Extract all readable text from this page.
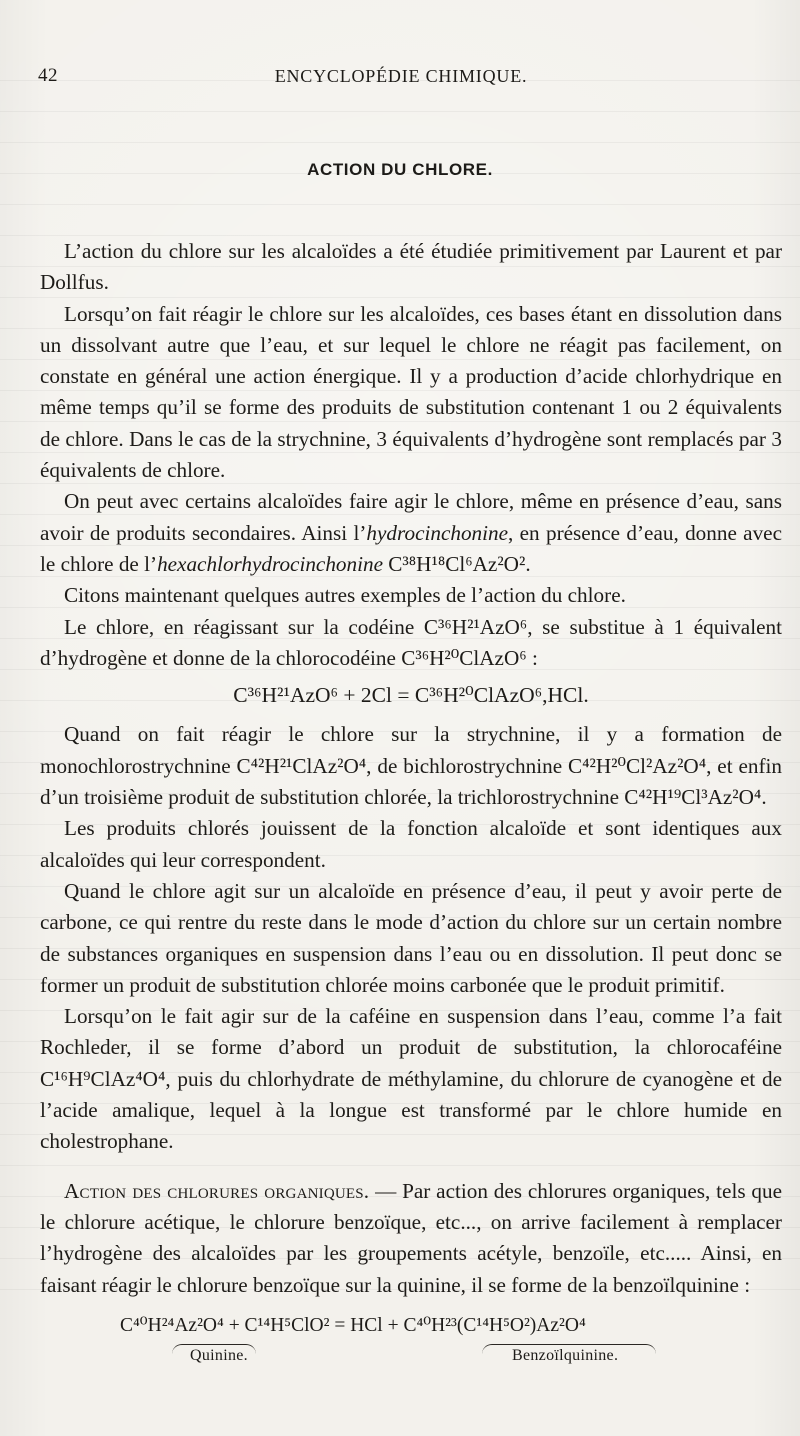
42	ENCYCLOPÉDIE CHIMIQUE.
ACTION DU CHLORE.

L’action du chlore sur les alcaloïdes a été étudiée primitivement par Laurent et par Dollfus.

Lorsqu’on fait réagir le chlore sur les alcaloïdes, ces bases étant en dissolution dans un dissolvant autre que l’eau, et sur lequel le chlore ne réagit pas facilement, on constate en général une action énergique. Il y a production d’acide chlorhydrique en même temps qu’il se forme des produits de substitution contenant 1 ou 2 équivalents de chlore. Dans le cas de la strychnine, 3 équivalents d’hydrogène sont remplacés par 3 équivalents de chlore.

On peut avec certains alcaloïdes faire agir le chlore, même en présence d’eau, sans avoir de produits secondaires. Ainsi l’hydrocinchonine, en présence d’eau, donne avec le chlore de l’hexachlorhydrocinchonine C³⁸H¹⁸Cl⁶Az²O².

Citons maintenant quelques autres exemples de l’action du chlore.

Le chlore, en réagissant sur la codéine C³⁶H²¹AzO⁶, se substitue à 1 équivalent d’hydrogène et donne de la chlorocodéine C³⁶H²⁰ClAzO⁶ :

C³⁶H²¹AzO⁶ + 2Cl = C³⁶H²⁰ClAzO⁶,HCl.

Quand on fait réagir le chlore sur la strychnine, il y a formation de monochlorostrychnine C⁴²H²¹ClAz²O⁴, de bichlorostrychnine C⁴²H²⁰Cl²Az²O⁴, et enfin d’un troisième produit de substitution chlorée, la trichlorostrychnine C⁴²H¹⁹Cl³Az²O⁴.

Les produits chlorés jouissent de la fonction alcaloïde et sont identiques aux alcaloïdes qui leur correspondent.

Quand le chlore agit sur un alcaloïde en présence d’eau, il peut y avoir perte de carbone, ce qui rentre du reste dans le mode d’action du chlore sur un certain nombre de substances organiques en suspension dans l’eau ou en dissolution. Il peut donc se former un produit de substitution chlorée moins carbonée que le produit primitif.

Lorsqu’on le fait agir sur de la caféine en suspension dans l’eau, comme l’a fait Rochleder, il se forme d’abord un produit de substitution, la chlorocaféine C¹⁶H⁹ClAz⁴O⁴, puis du chlorhydrate de méthylamine, du chlorure de cyanogène et de l’acide amalique, lequel à la longue est transformé par le chlore humide en cholestrophane.

Action des chlorures organiques. — Par action des chlorures organiques, tels que le chlorure acétique, le chlorure benzoïque, etc..., on arrive facilement à remplacer l’hydrogène des alcaloïdes par les groupements acétyle, benzoïle, etc..... Ainsi, en faisant réagir le chlorure benzoïque sur la quinine, il se forme de la benzoïlquinine :

C⁴⁰H²⁴Az²O⁴ + C¹⁴H⁵ClO² = HCl + C⁴⁰H²³(C¹⁴H⁵O²)Az²O⁴
Quinine.	Benzoïlquinine.
